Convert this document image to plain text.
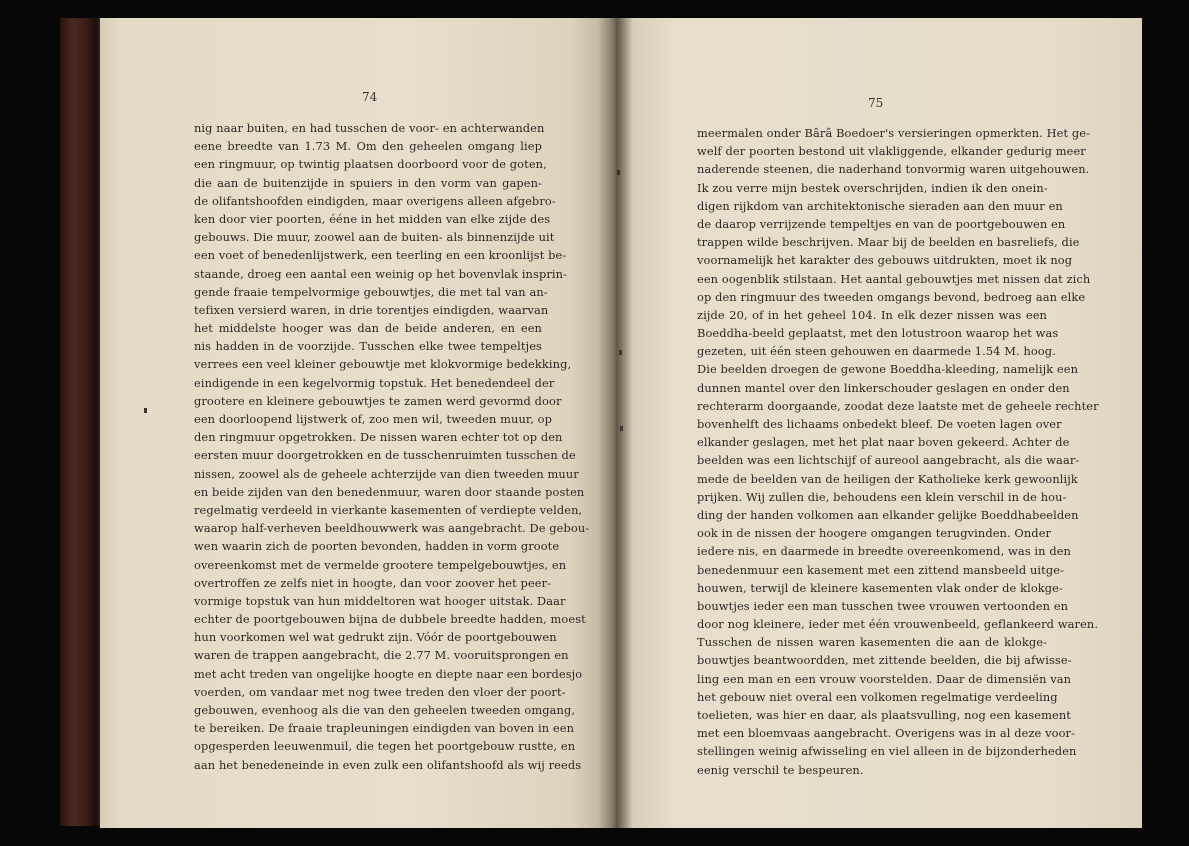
74
nig naar buiten, en had tusschen de voor- en achterwanden
eene breedte van 1.73 M. Om den geheelen omgang liep
een ringmuur, op twintig plaatsen doorboord voor de goten,
die aan de buitenzijde in spuiers in den vorm van gapen-
de olifantshoofden eindigden, maar overigens alleen afgebro-
ken door vier poorten, ééne in het midden van elke zijde des
gebouws. Die muur, zoowel aan de buiten- als binnenzijde uit
een voet of benedenlijstwerk, een teerling en een kroonlijst be-
staande, droeg een aantal een weinig op het bovenvlak insprin-
gende fraaie tempelvormige gebouwtjes, die met tal van an-
tefixen versierd waren, in drie torentjes eindigden, waarvan
het middelste hooger was dan de beide anderen, en een
nis hadden in de voorzijde. Tusschen elke twee tempeltjes
verrees een veel kleiner gebouwtje met klokvormige bedekking,
eindigende in een kegelvormig topstuk. Het benedendeel der
grootere en kleinere gebouwtjes te zamen werd gevormd door
een doorloopend lijstwerk of, zoo men wil, tweeden muur, op
den ringmuur opgetrokken. De nissen waren echter tot op den
eersten muur doorgetrokken en de tusschenruimten tusschen de
nissen, zoowel als de geheele achterzijde van dien tweeden muur
en beide zijden van den benedenmuur, waren door staande posten
regelmatig verdeeld in vierkante kasementen of verdiepte velden,
waarop half-verheven beeldhouwwerk was aangebracht. De gebou-
wen waarin zich de poorten bevonden, hadden in vorm groote
overeenkomst met de vermelde grootere tempelgebouwtjes, en
overtroffen ze zelfs niet in hoogte, dan voor zoover het peer-
vormige topstuk van hun middeltoren wat hooger uitstak. Daar
echter de poortgebouwen bijna de dubbele breedte hadden, moest
hun voorkomen wel wat gedrukt zijn. Vóór de poortgebouwen
waren de trappen aangebracht, die 2.77 M. vooruitsprongen en
met acht treden van ongelijke hoogte en diepte naar een bordesjo
voerden, om vandaar met nog twee treden den vloer der poort-
gebouwen, evenhoog als die van den geheelen tweeden omgang,
te bereiken. De fraaie trapleuningen eindigden van boven in een
opgesperden leeuwenmuil, die tegen het poortgebouw rustte, en
aan het benedeneinde in even zulk een olifantshoofd als wij reeds
75
meermalen onder Bârâ Boedoer's versieringen opmerkten. Het ge-
welf der poorten bestond uit vlakliggende, elkander gedurig meer
naderende steenen, die naderhand tonvormig waren uitgehouwen.
Ik zou verre mijn bestek overschrijden, indien ik den onein-
digen rijkdom van architektonische sieraden aan den muur en
de daarop verrijzende tempeltjes en van de poortgebouwen en
trappen wilde beschrijven. Maar bij de beelden en basreliefs, die
voornamelijk het karakter des gebouws uitdrukten, moet ik nog
een oogenblik stilstaan. Het aantal gebouwtjes met nissen dat zich
op den ringmuur des tweeden omgangs bevond, bedroeg aan elke
zijde 20, of in het geheel 104. In elk dezer nissen was een
Boeddha-beeld geplaatst, met den lotustroon waarop het was
gezeten, uit één steen gehouwen en daarmede 1.54 M. hoog.
Die beelden droegen de gewone Boeddha-kleeding, namelijk een
dunnen mantel over den linkerschouder geslagen en onder den
rechterarm doorgaande, zoodat deze laatste met de geheele rechter
bovenhelft des lichaams onbedekt bleef. De voeten lagen over
elkander geslagen, met het plat naar boven gekeerd. Achter de
beelden was een lichtschijf of aureool aangebracht, als die waar-
mede de beelden van de heiligen der Katholieke kerk gewoonlijk
prijken. Wij zullen die, behoudens een klein verschil in de hou-
ding der handen volkomen aan elkander gelijke Boeddhabeelden
ook in de nissen der hoogere omgangen terugvinden. Onder
iedere nis, en daarmede in breedte overeenkomend, was in den
benedenmuur een kasement met een zittend mansbeeld uitge-
houwen, terwijl de kleinere kasementen vlak onder de klokge-
bouwtjes ieder een man tusschen twee vrouwen vertoonden en
door nog kleinere, ieder met één vrouwenbeeld, geflankeerd waren.
Tusschen de nissen waren kasementen die aan de klokge-
bouwtjes beantwoordden, met zittende beelden, die bij afwisse-
ling een man en een vrouw voorstelden. Daar de dimensiën van
het gebouw niet overal een volkomen regelmatige verdeeling
toelieten, was hier en daar, als plaatsvulling, nog een kasement
met een bloemvaas aangebracht. Overigens was in al deze voor-
stellingen weinig afwisseling en viel alleen in de bijzonderheden
eenig verschil te bespeuren.
